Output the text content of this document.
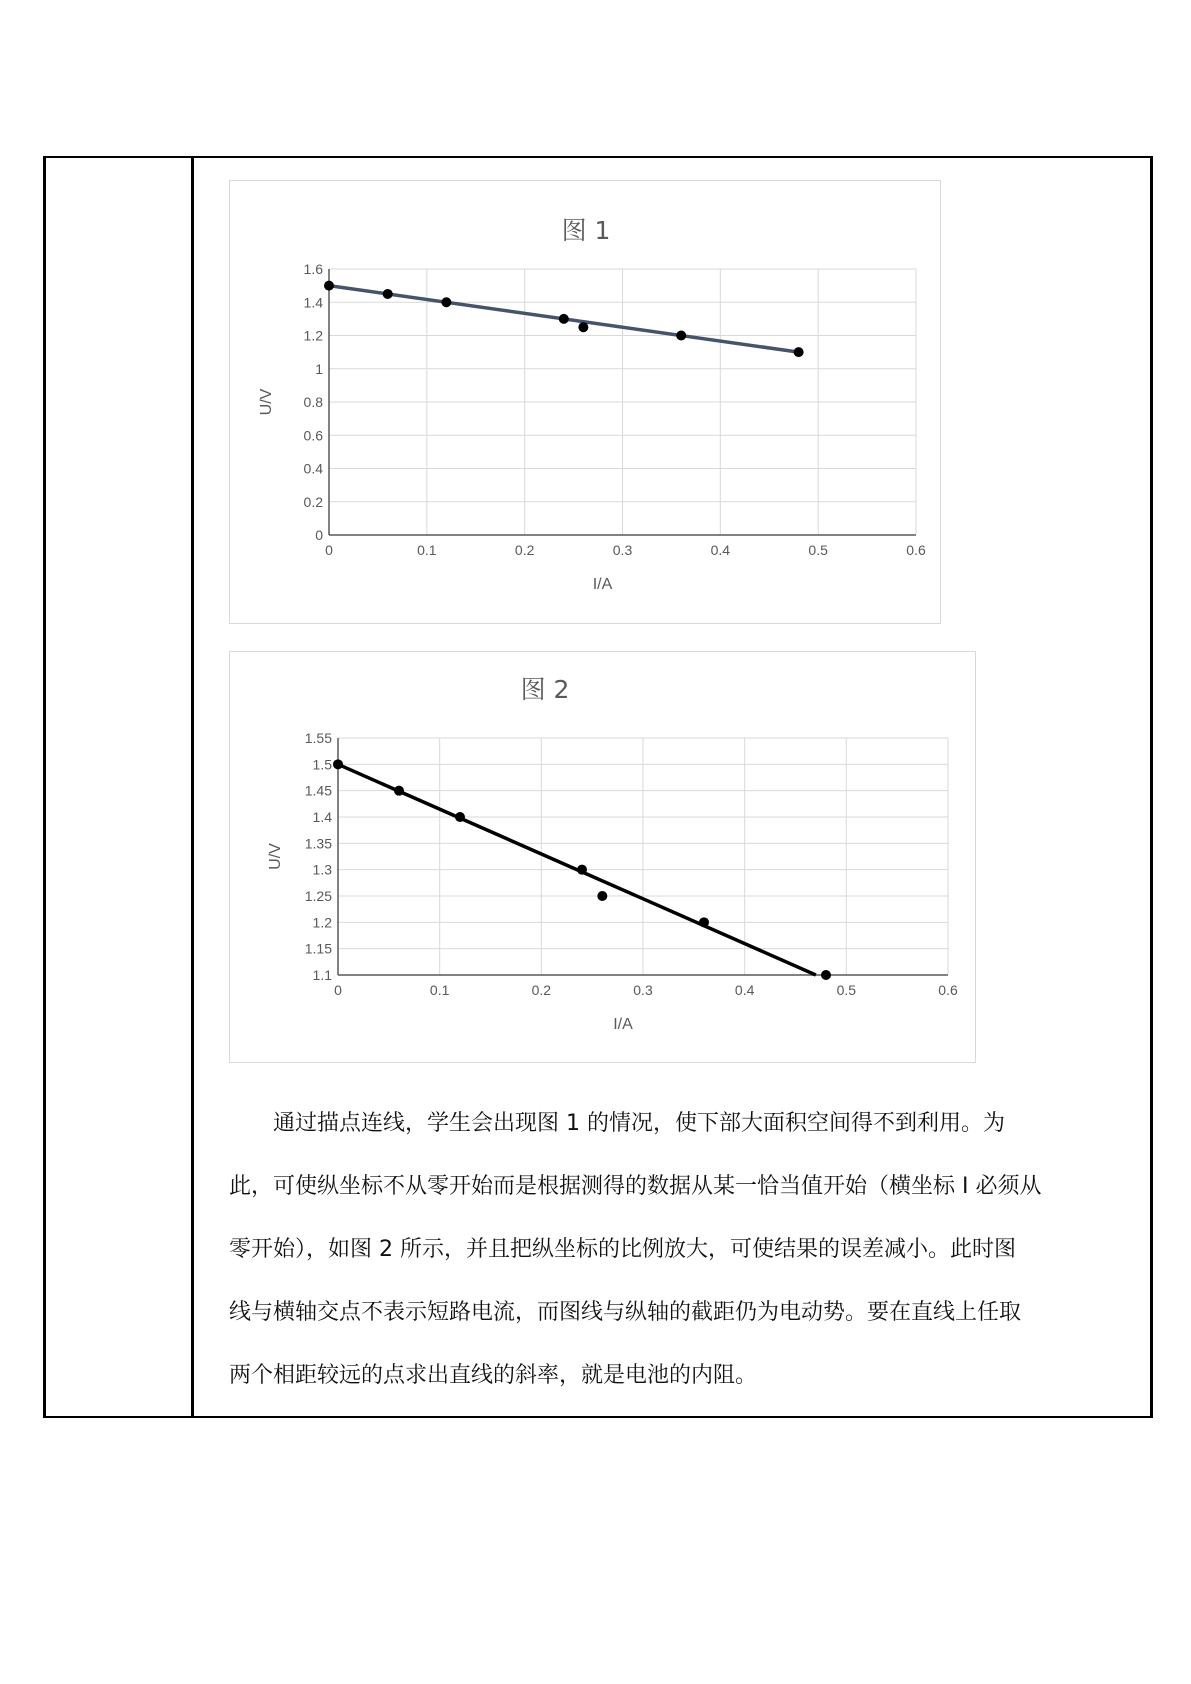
图 1
0	0.1	0.2	0.3	0.4	0.5	0.6
0
0.2
0.4
0.6
0.8
1
1.2
1.4
1.6
I/A
U/V
图 2
0	0.1	0.2	0.3	0.4	0.5	0.6
1.1
1.15
1.2
1.25
1.3
1.35
1.4
1.45
1.5
1.55
I/A
U/V
　　通过描点连线，学生会出现图 1 的情况，使下部大面积空间得不到利用。为
此，可使纵坐标不从零开始而是根据测得的数据从某一恰当值开始（横坐标 I 必须从
零开始），如图 2 所示，并且把纵坐标的比例放大，可使结果的误差减小。此时图
线与横轴交点不表示短路电流，而图线与纵轴的截距仍为电动势。要在直线上任取
两个相距较远的点求出直线的斜率，就是电池的内阻。
